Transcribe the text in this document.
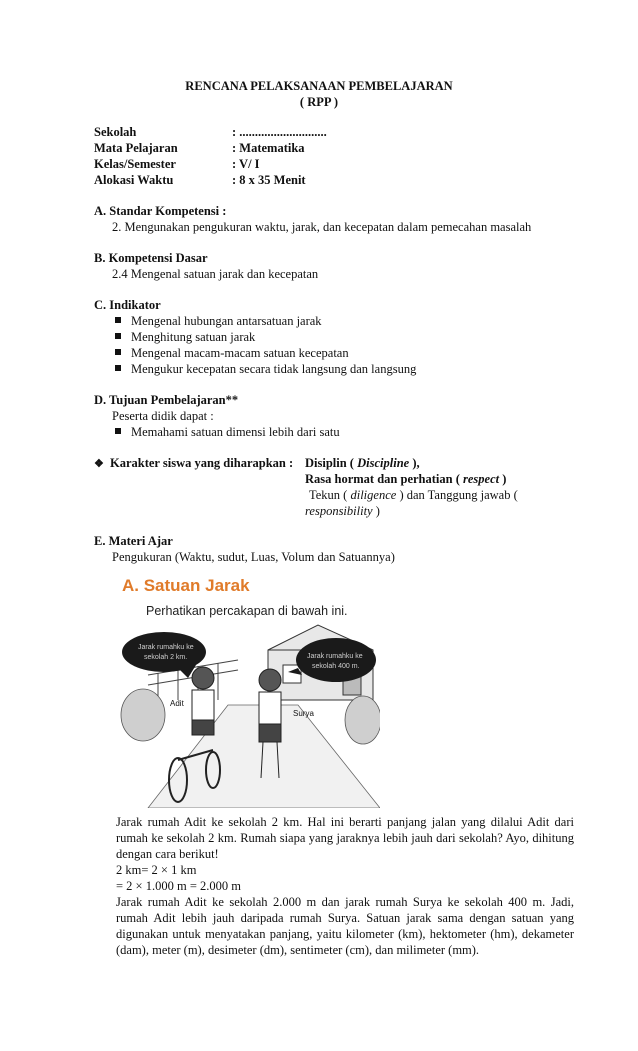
RENCANA PELAKSANAAN PEMBELAJARAN
( RPP )
Sekolah	: ............................
Mata Pelajaran	: Matematika
Kelas/Semester	: V/ I
Alokasi Waktu	: 8 x 35 Menit
A. Standar Kompetensi :
2. Mengunakan pengukuran waktu, jarak, dan kecepatan dalam pemecahan masalah
B. Kompetensi Dasar
2.4 Mengenal satuan jarak dan kecepatan
C. Indikator
Mengenal hubungan antarsatuan jarak
Menghitung satuan jarak
Mengenal macam-macam satuan kecepatan
Mengukur kecepatan secara tidak langsung dan langsung
D. Tujuan Pembelajaran**
Peserta didik dapat :
Memahami satuan dimensi lebih dari satu
❖ Karakter siswa yang diharapkan : Disiplin ( Discipline ),
Rasa hormat dan perhatian ( respect )
Tekun ( diligence ) dan Tanggung jawab (
responsibility )
E. Materi Ajar
Pengukuran (Waktu, sudut, Luas, Volum dan Satuannya)
A. Satuan Jarak
Perhatikan percakapan di bawah ini.
Adit
Surya
Jarak rumahku ke
sekolah 2 km.	Jarak rumahku ke
sekolah 400 m.
Jarak rumah Adit ke sekolah 2 km. Hal ini berarti panjang jalan yang dilalui Adit dari rumah ke sekolah 2 km. Rumah siapa yang jaraknya lebih jauh dari sekolah? Ayo, dihitung dengan cara berikut!
2 km= 2 × 1 km
= 2 × 1.000 m = 2.000 m
Jarak rumah Adit ke sekolah 2.000 m dan jarak rumah Surya ke sekolah 400 m. Jadi, rumah Adit lebih jauh daripada rumah Surya. Satuan jarak sama dengan satuan yang digunakan untuk menyatakan panjang, yaitu kilometer (km), hektometer (hm), dekameter (dam), meter (m), desimeter (dm), sentimeter (cm), dan milimeter (mm).
